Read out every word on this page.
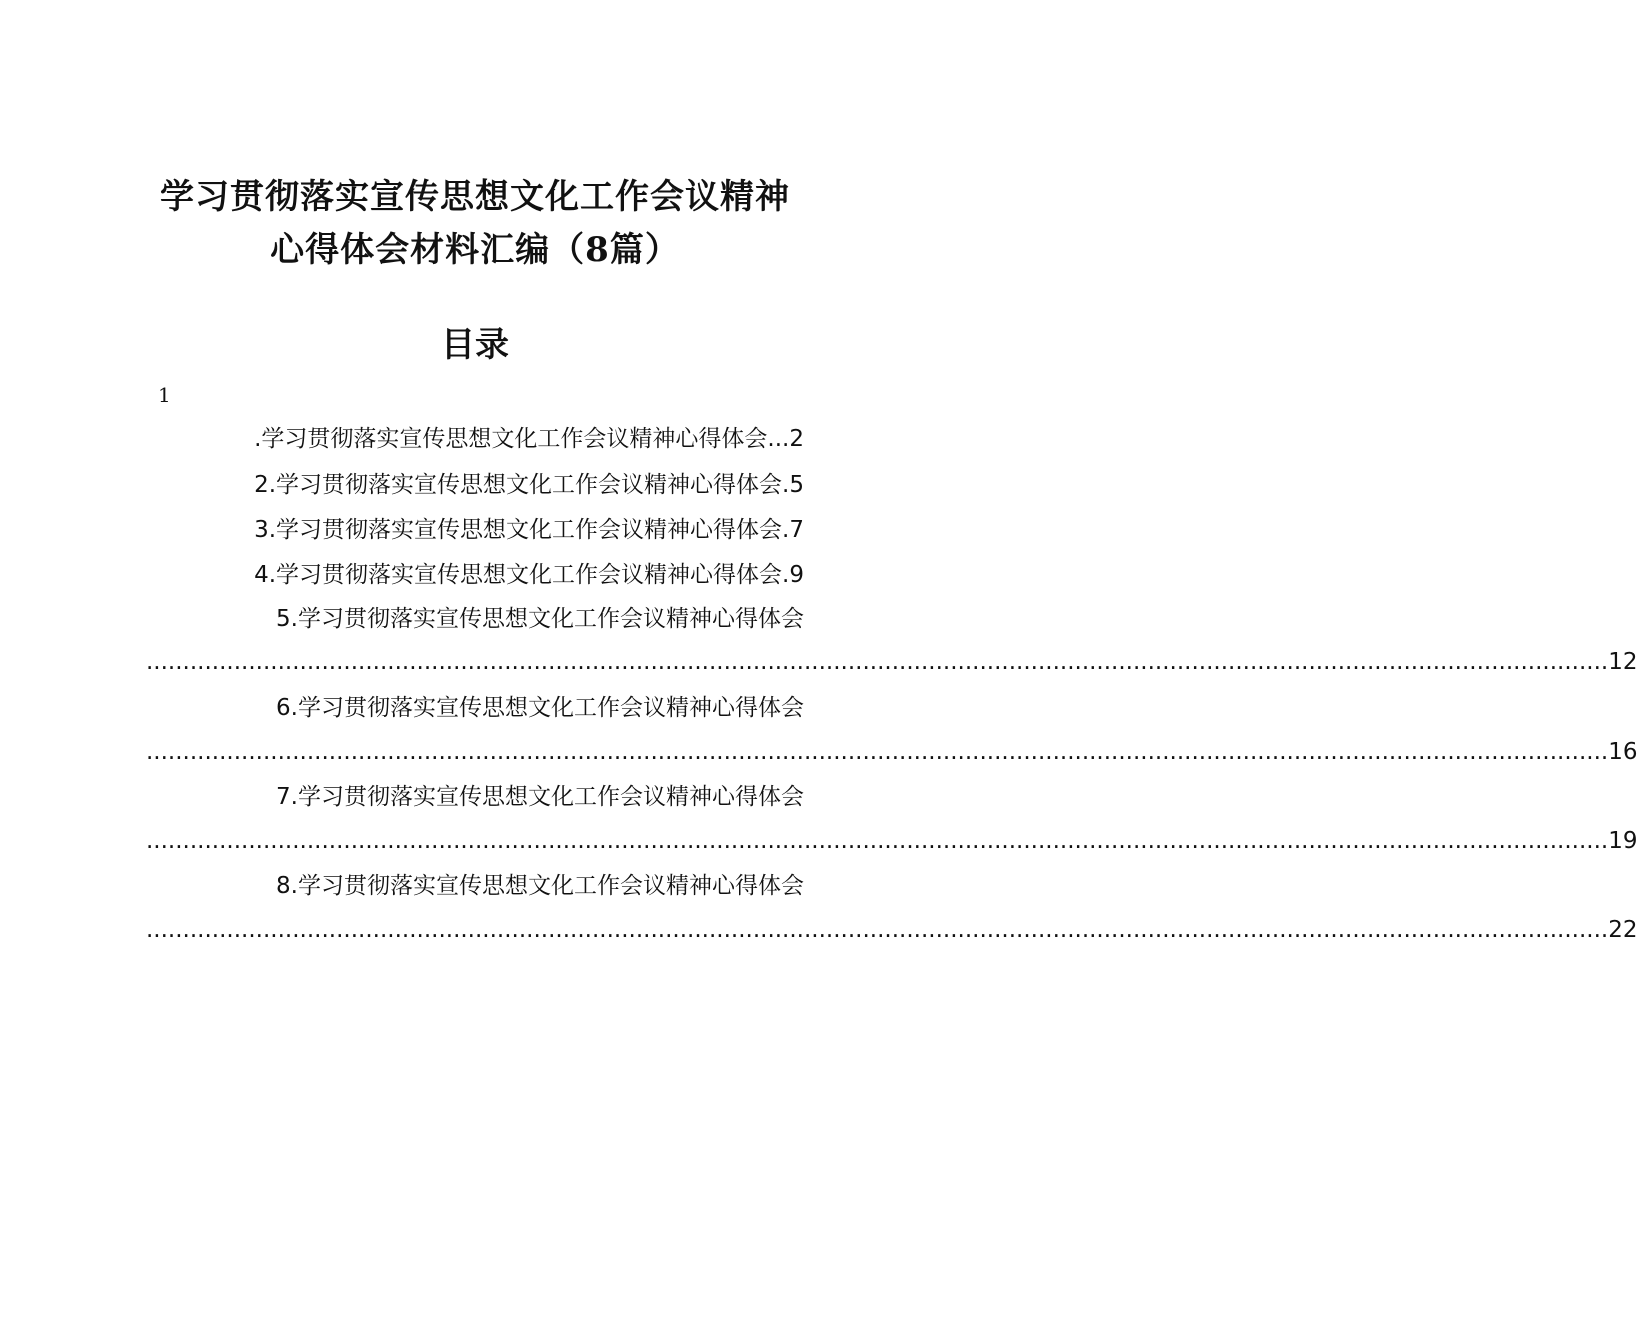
学习贯彻落实宣传思想文化工作会议精神
心得体会材料汇编（8篇）
目录
1
.学习贯彻落实宣传思想文化工作会议精神心得体会...2
2.学习贯彻落实宣传思想文化工作会议精神心得体会.5
3.学习贯彻落实宣传思想文化工作会议精神心得体会.7
4.学习贯彻落实宣传思想文化工作会议精神心得体会.9
5.学习贯彻落实宣传思想文化工作会议精神心得体会
........................................................................................................................................................................................................ 12
6.学习贯彻落实宣传思想文化工作会议精神心得体会
........................................................................................................................................................................................................ 16
7.学习贯彻落实宣传思想文化工作会议精神心得体会
........................................................................................................................................................................................................ 19
8.学习贯彻落实宣传思想文化工作会议精神心得体会
........................................................................................................................................................................................................ 22
